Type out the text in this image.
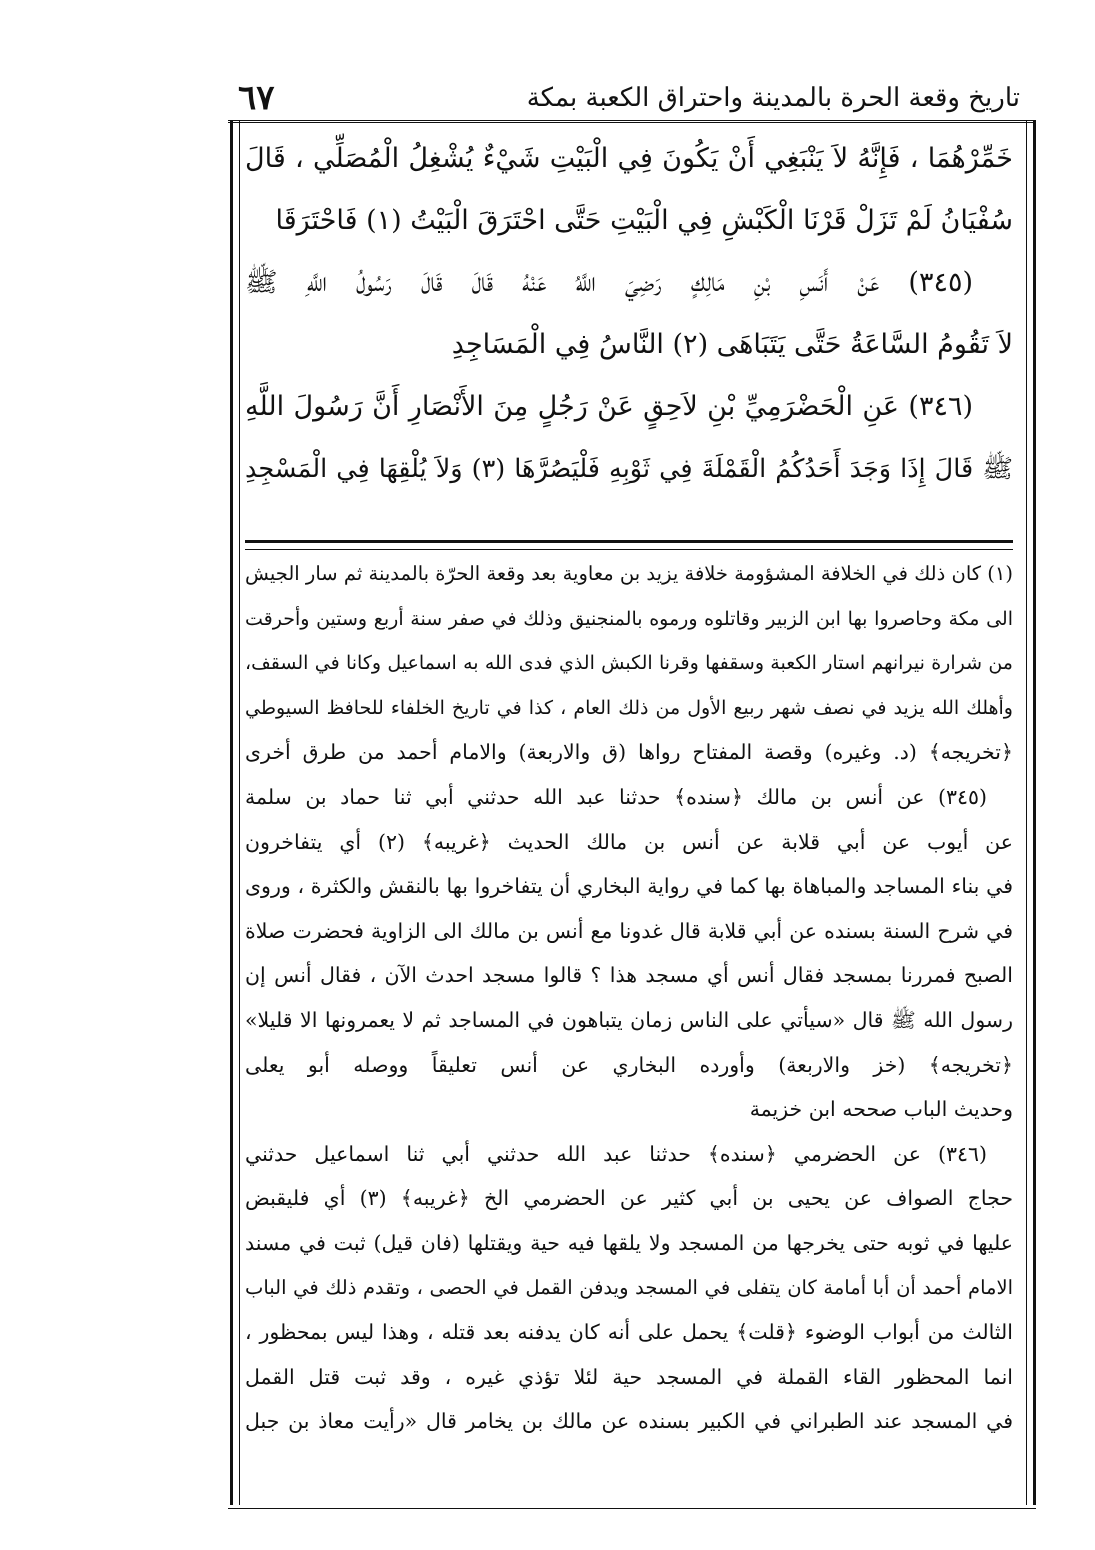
تاريخ وقعة الحرة بالمدينة واحتراق الكعبة بمكة
٦٧
خَمِّرْهُمَا ، فَإِنَّهُ لاَ يَنْبَغِي أَنْ يَكُونَ فِي الْبَيْتِ شَيْءٌ يُشْغِلُ الْمُصَلِّي ، قَالَ
سُفْيَانُ لَمْ تَزَلْ قَرْنَا الْكَبْشِ فِي الْبَيْتِ حَتَّى احْتَرَقَ الْبَيْتُ (١) فَاحْتَرَقَا
(٣٤٥) عَنْ أَنَسِ بْنِ مَالِكٍ رَضِيَ اللَّهُ عَنْهُ قَالَ قَالَ رَسُولُ اللَّهِ ﷺ
لاَ تَقُومُ السَّاعَةُ حَتَّى يَتَبَاهَى (٢) النَّاسُ فِي الْمَسَاجِدِ
(٣٤٦) عَنِ الْحَضْرَمِيِّ بْنِ لاَحِقٍ عَنْ رَجُلٍ مِنَ الأَنْصَارِ أَنَّ رَسُولَ اللَّهِ
ﷺ قَالَ إِذَا وَجَدَ أَحَدُكُمُ الْقَمْلَةَ فِي ثَوْبِهِ فَلْيَصُرَّهَا (٣) وَلاَ يُلْقِهَا فِي الْمَسْجِدِ
(١) كان ذلك في الخلافة المشؤومة خلافة يزيد بن معاوية بعد وقعة الحرّة بالمدينة ثم سار الجيش
الى مكة وحاصروا بها ابن الزبير وقاتلوه ورموه بالمنجنيق وذلك في صفر سنة أربع وستين وأحرقت
من شرارة نيرانهم استار الكعبة وسقفها وقرنا الكبش الذي فدى الله به اسماعيل وكانا في السقف،
وأهلك الله يزيد في نصف شهر ربيع الأول من ذلك العام ، كذا في تاريخ الخلفاء للحافظ السيوطي
﴿تخريجه﴾ (د. وغيره) وقصة المفتاح رواها (ق والاربعة) والامام أحمد من طرق أخرى
(٣٤٥) عن أنس بن مالك ﴿سنده﴾ حدثنا عبد الله حدثني أبي ثنا حماد بن سلمة
عن أيوب عن أبي قلابة عن أنس بن مالك الحديث ﴿غريبه﴾ (٢) أي يتفاخرون
في بناء المساجد والمباهاة بها كما في رواية البخاري أن يتفاخروا بها بالنقش والكثرة ، وروى
في شرح السنة بسنده عن أبي قلابة قال غدونا مع أنس بن مالك الى الزاوية فحضرت صلاة
الصبح فمررنا بمسجد فقال أنس أي مسجد هذا ؟ قالوا مسجد احدث الآن ، فقال أنس إن
رسول الله ﷺ قال «سيأتي على الناس زمان يتباهون في المساجد ثم لا يعمرونها الا قليلا»
﴿تخريجه﴾ (خز والاربعة) وأورده البخاري عن أنس تعليقاً ووصله أبو يعلى
وحديث الباب صححه ابن خزيمة
(٣٤٦) عن الحضرمي ﴿سنده﴾ حدثنا عبد الله حدثني أبي ثنا اسماعيل حدثني
حجاج الصواف عن يحيى بن أبي كثير عن الحضرمي الخ ﴿غريبه﴾ (٣) أي فليقبض
عليها في ثوبه حتى يخرجها من المسجد ولا يلقها فيه حية ويقتلها (فان قيل) ثبت في مسند
الامام أحمد أن أبا أمامة كان يتفلى في المسجد ويدفن القمل في الحصى ، وتقدم ذلك في الباب
الثالث من أبواب الوضوء ﴿قلت﴾ يحمل على أنه كان يدفنه بعد قتله ، وهذا ليس بمحظور ،
انما المحظور القاء القملة في المسجد حية لئلا تؤذي غيره ، وقد ثبت قتل القمل
في المسجد عند الطبراني في الكبير بسنده عن مالك بن يخامر قال «رأيت معاذ بن جبل
